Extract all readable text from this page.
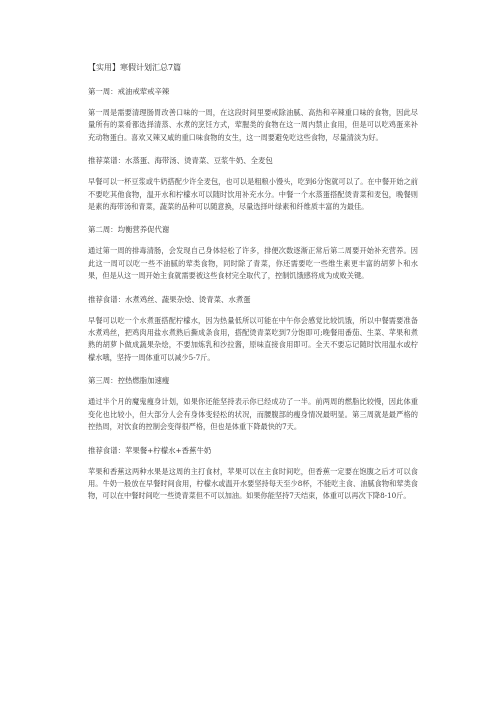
【实用】寒假计划汇总7篇
第一周：戒油戒荤戒辛辣

第一周是需要清理肠胃改善口味的一周，在这段时间里要戒除油腻、高热和辛辣重口味的食物，因此尽量所有的菜肴都选择清蒸、水煮的烹饪方式，荤腥类的食物在这一周内禁止食用，但是可以吃鸡蛋来补充动物蛋白。喜欢又辣又咸的重口味食物的女生，这一周要避免吃这些食物，尽量清淡为好。

推荐菜谱：水蒸蛋、海带汤、烫青菜、豆浆牛奶、全麦包

早餐可以一杯豆浆或牛奶搭配少许全麦包，也可以是粗粮小馒头，吃到6分饱就可以了。在中餐开始之前不要吃其他食物，温开水和柠檬水可以随时饮用补充水分。中餐一个水蒸蛋搭配烫青菜和麦包，晚餐则是素的海带汤和青菜，蔬菜的品种可以随意换，尽量选择叶绿素和纤维质丰富的为最佳。

第二周：均衡营养促代谢

通过第一周的排毒清肠，会发现自己身体轻松了许多，排便次数逐渐正常后第二周要开始补充营养。因此这一周可以吃一些不油腻的荤类食物，同时除了青菜，你还需要吃一些维生素更丰富的胡萝卜和水果，但是从这一周开始主食就需要被这些食材完全取代了，控制饥饿感将成为成败关键。

推荐食谱：水煮鸡丝、蔬果杂烩、烫青菜、水煮蛋

早餐可以吃一个水煮蛋搭配柠檬水，因为热量低所以可能在中午你会感觉比较饥饿，所以中餐需要准备水煮鸡丝，把鸡肉用盐水煮熟后撕成条食用，搭配烫青菜吃到7分饱即可;晚餐用番茄、生菜、苹果和煮熟的胡萝卜做成蔬果杂烩，不要加炼乳和沙拉酱，原味直接食用即可。全天不要忘记随时饮用温水或柠檬水哦，坚持一周体重可以减少5-7斤。

第三周：控热燃脂加速瘦

通过半个月的魔鬼瘦身计划，如果你还能坚持表示你已经成功了一半。前两周的燃脂比较慢，因此体重变化也比较小，但大部分人会有身体变轻松的状况，而腰腹部的瘦身情况最明显。第三周就是最严格的控热周，对饮食的控制会变得很严格，但也是体重下降最快的7天。

推荐食谱：苹果餐+柠檬水+香蕉牛奶

苹果和香蕉这两种水果是这周的主打食材，苹果可以在主食时间吃，但香蕉一定要在饱腹之后才可以食用。牛奶一般放在早餐时间食用，柠檬水或温开水要坚持每天至少8杯，不能吃主食、油腻食物和荤类食物，可以在中餐时间吃一些烫青菜但不可以加油。如果你能坚持7天结束，体重可以再次下降8-10斤。
